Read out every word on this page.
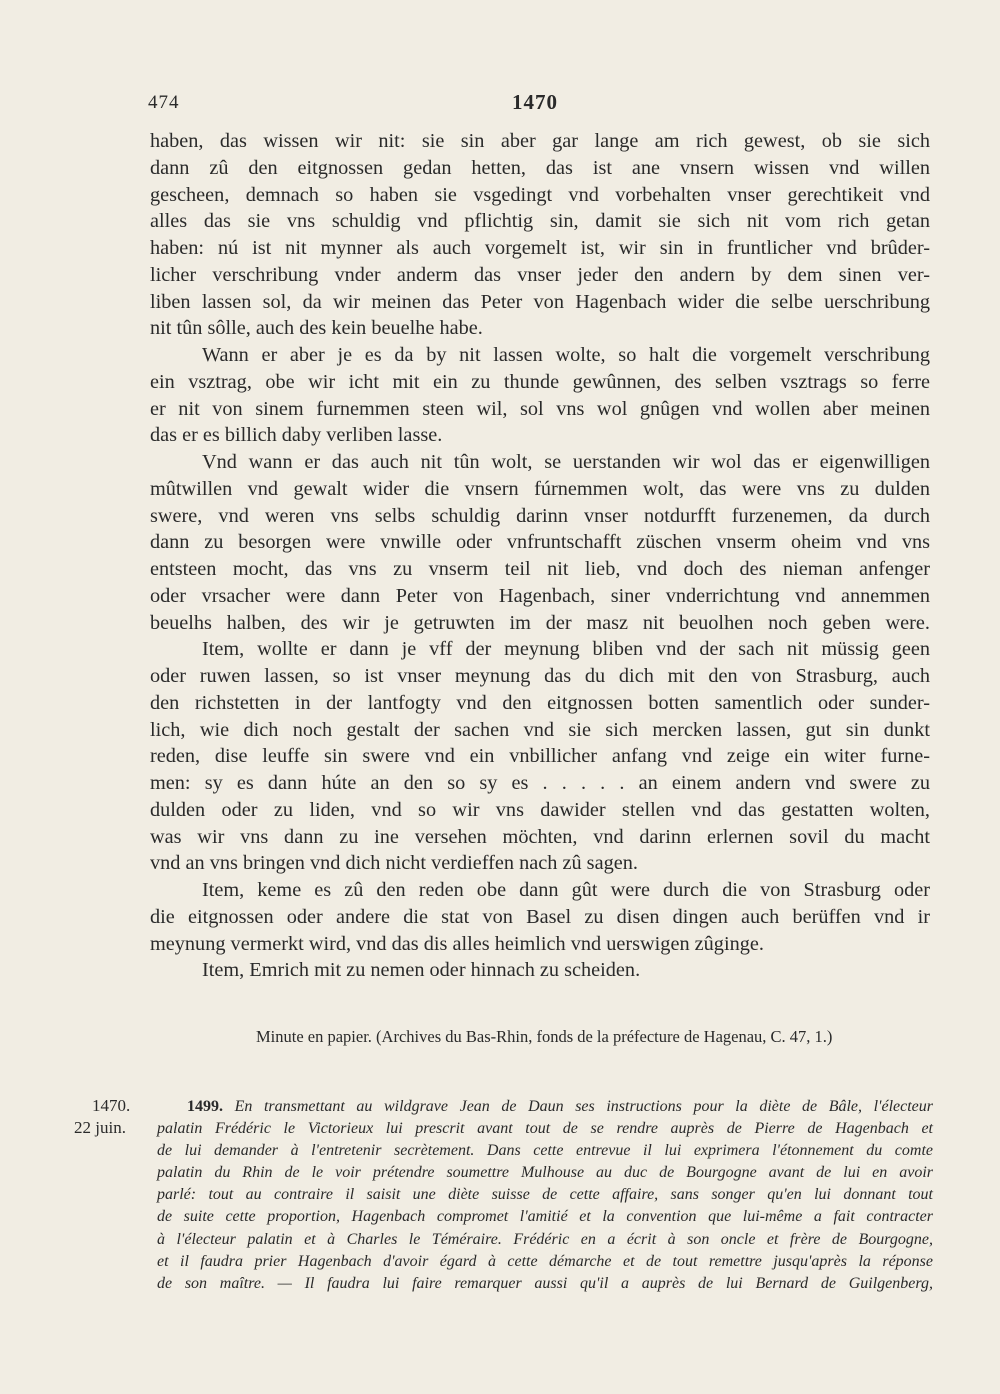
474	1470
haben, das wissen wir nit: sie sin aber gar lange am rich gewest, ob sie sich
dann zû den eitgnossen gedan hetten, das ist ane vnsern wissen vnd willen
gescheen, demnach so haben sie vsgedingt vnd vorbehalten vnser gerechtikeit vnd
alles das sie vns schuldig vnd pflichtig sin, damit sie sich nit vom rich getan
haben: nú ist nit mynner als auch vorgemelt ist, wir sin in fruntlicher vnd brûder-
licher verschribung vnder anderm das vnser jeder den andern by dem sinen ver-
liben lassen sol, da wir meinen das Peter von Hagenbach wider die selbe uerschribung
nit tûn sôlle, auch des kein beuelhe habe.
Wann er aber je es da by nit lassen wolte, so halt die vorgemelt verschribung
ein vsztrag, obe wir icht mit ein zu thunde gewûnnen, des selben vsztrags so ferre
er nit von sinem furnemmen steen wil, sol vns wol gnûgen vnd wollen aber meinen
das er es billich daby verliben lasse.
Vnd wann er das auch nit tûn wolt, se uerstanden wir wol das er eigenwilligen
mûtwillen vnd gewalt wider die vnsern fúrnemmen wolt, das were vns zu dulden
swere, vnd weren vns selbs schuldig darinn vnser notdurfft furzenemen, da durch
dann zu besorgen were vnwille oder vnfruntschafft züschen vnserm oheim vnd vns
entsteen mocht, das vns zu vnserm teil nit lieb, vnd doch des nieman anfenger
oder vrsacher were dann Peter von Hagenbach, siner vnderrichtung vnd annemmen
beuelhs halben, des wir je getruwten im der masz nit beuolhen noch geben were.
Item, wollte er dann je vff der meynung bliben vnd der sach nit müssig geen
oder ruwen lassen, so ist vnser meynung das du dich mit den von Strasburg, auch
den richstetten in der lantfogty vnd den eitgnossen botten samentlich oder sunder-
lich, wie dich noch gestalt der sachen vnd sie sich mercken lassen, gut sin dunkt
reden, dise leuffe sin swere vnd ein vnbillicher anfang vnd zeige ein witer furne-
men: sy es dann húte an den so sy es . . . . . an einem andern vnd swere zu
dulden oder zu liden, vnd so wir vns dawider stellen vnd das gestatten wolten,
was wir vns dann zu ine versehen möchten, vnd darinn erlernen sovil du macht
vnd an vns bringen vnd dich nicht verdieffen nach zû sagen.
Item, keme es zû den reden obe dann gût were durch die von Strasburg oder
die eitgnossen oder andere die stat von Basel zu disen dingen auch berüffen vnd ir
meynung vermerkt wird, vnd das dis alles heimlich vnd uerswigen zûginge.
Item, Emrich mit zu nemen oder hinnach zu scheiden.
Minute en papier. (Archives du Bas-Rhin, fonds de la préfecture de Hagenau, C. 47, 1.)
1470.
22 juin.
1499. En transmettant au wildgrave Jean de Daun ses instructions pour la diète de Bâle, l'électeur
palatin Frédéric le Victorieux lui prescrit avant tout de se rendre auprès de Pierre de Hagenbach et
de lui demander à l'entretenir secrètement. Dans cette entrevue il lui exprimera l'étonnement du comte
palatin du Rhin de le voir prétendre soumettre Mulhouse au duc de Bourgogne avant de lui en avoir
parlé: tout au contraire il saisit une diète suisse de cette affaire, sans songer qu'en lui donnant tout
de suite cette proportion, Hagenbach compromet l'amitié et la convention que lui-même a fait contracter
à l'électeur palatin et à Charles le Téméraire. Frédéric en a écrit à son oncle et frère de Bourgogne,
et il faudra prier Hagenbach d'avoir égard à cette démarche et de tout remettre jusqu'après la réponse
de son maître. — Il faudra lui faire remarquer aussi qu'il a auprès de lui Bernard de Guilgenberg,
